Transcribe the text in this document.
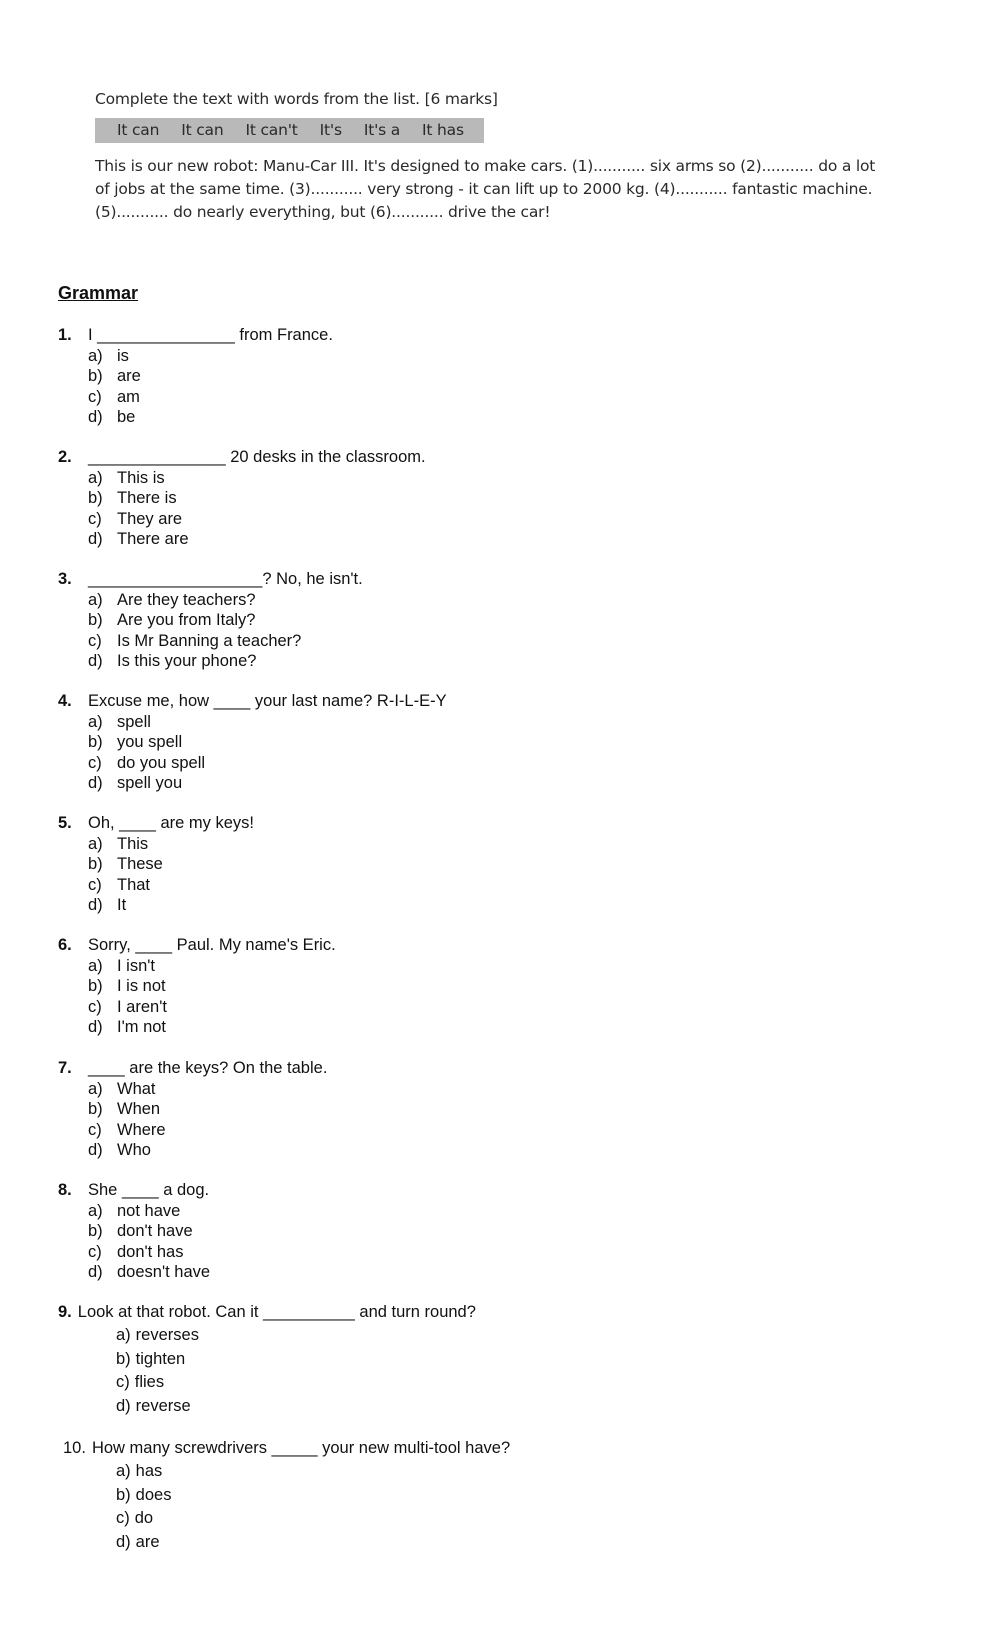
Complete the text with words from the list. [6 marks]

It can It can It can't It's It's a It has

This is our new robot: Manu-Car III. It's designed to make cars. (1)........... six arms so (2)........... do a lot
of jobs at the same time. (3)........... very strong - it can lift up to 2000 kg. (4)........... fantastic machine.
(5)........... do nearly everything, but (6)........... drive the car!

Grammar
1. I _______________ from France.
a) is
b) are
c) am
d) be
2. _______________ 20 desks in the classroom.
a) This is
b) There is
c) They are
d) There are
3. ___________________? No, he isn't.
a) Are they teachers?
b) Are you from Italy?
c) Is Mr Banning a teacher?
d) Is this your phone?
4. Excuse me, how ____ your last name? R-I-L-E-Y
a) spell
b) you spell
c) do you spell
d) spell you
5. Oh, ____ are my keys!
a) This
b) These
c) That
d) It
6. Sorry, ____ Paul. My name's Eric.
a) I isn't
b) I is not
c) I aren't
d) I'm not
7. ____ are the keys? On the table.
a) What
b) When
c) Where
d) Who
8. She ____ a dog.
a) not have
b) don't have
c) don't has
d) doesn't have
9. Look at that robot. Can it __________ and turn round?
a) reverses
b) tighten
c) flies
d) reverse
10. How many screwdrivers _____ your new multi-tool have?
a) has
b) does
c) do
d) are
